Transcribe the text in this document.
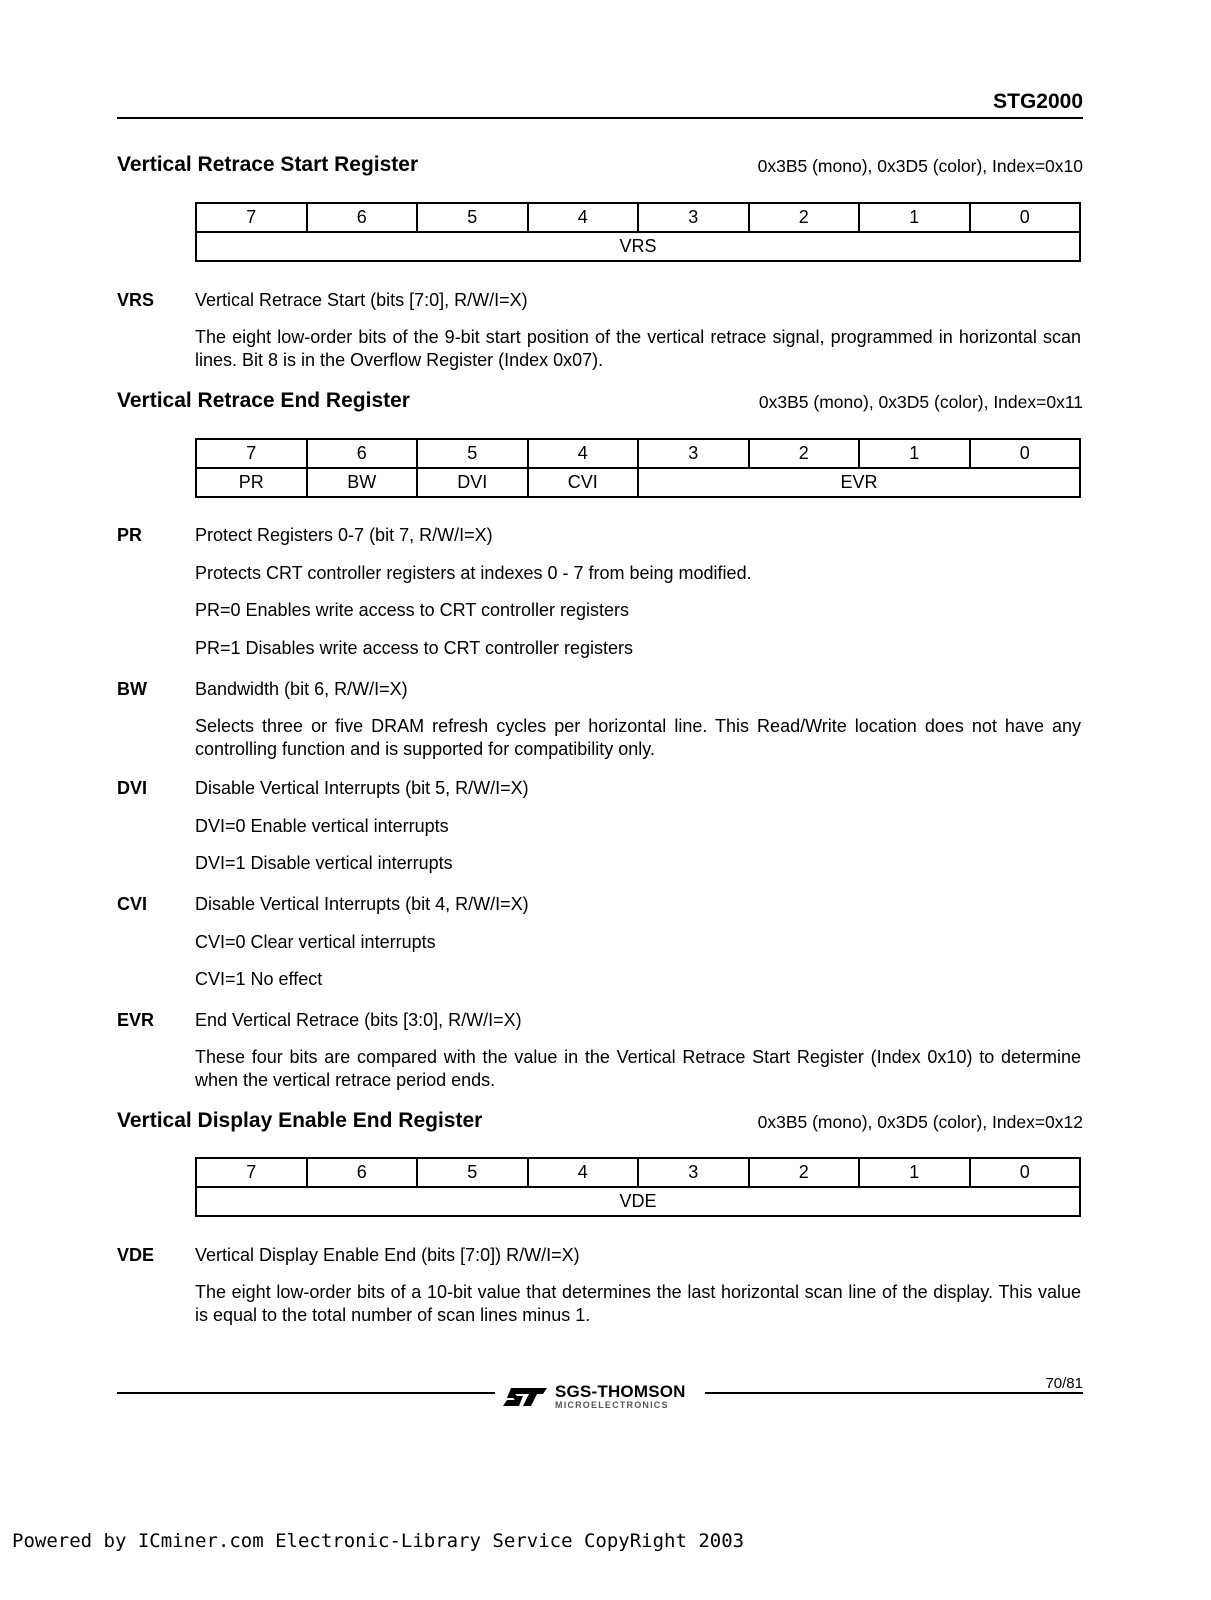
STG2000
Vertical Retrace Start Register	0x3B5 (mono), 0x3D5 (color), Index=0x10
7	6	5	4	3	2	1	0
VRS
VRS Vertical Retrace Start (bits [7:0], R/W/I=X)
The eight low-order bits of the 9-bit start position of the vertical retrace signal, programmed in horizontal scan lines. Bit 8 is in the Overflow Register (Index 0x07).
Vertical Retrace End Register	0x3B5 (mono), 0x3D5 (color), Index=0x11
7	6	5	4	3	2	1	0
PR	BW	DVI	CVI	EVR			
PR	Protect Registers 0-7 (bit 7, R/W/I=X)
Protects CRT controller registers at indexes 0 - 7 from being modified.
PR=0 Enables write access to CRT controller registers
PR=1 Disables write access to CRT controller registers
BW	Bandwidth (bit 6, R/W/I=X)
Selects three or five DRAM refresh cycles per horizontal line. This Read/Write location does not have any controlling function and is supported for compatibility only.
DVI	Disable Vertical Interrupts (bit 5, R/W/I=X)
DVI=0 Enable vertical interrupts
DVI=1 Disable vertical interrupts
CVI	Disable Vertical Interrupts (bit 4, R/W/I=X)
CVI=0 Clear vertical interrupts
CVI=1 No effect
EVR End Vertical Retrace (bits [3:0], R/W/I=X)
These four bits are compared with the value in the Vertical Retrace Start Register (Index 0x10) to determine when the vertical retrace period ends.
Vertical Display Enable End Register	0x3B5 (mono), 0x3D5 (color), Index=0x12
7	6	5	4	3	2	1	0
VDE
VDE Vertical Display Enable End (bits [7:0]) R/W/I=X)
The eight low-order bits of a 10-bit value that determines the last horizontal scan line of the display. This value is equal to the total number of scan lines minus 1.
70/81
SGS-THOMSON
MICROELECTRONICS
Powered by ICminer.com Electronic-Library Service CopyRight 2003
